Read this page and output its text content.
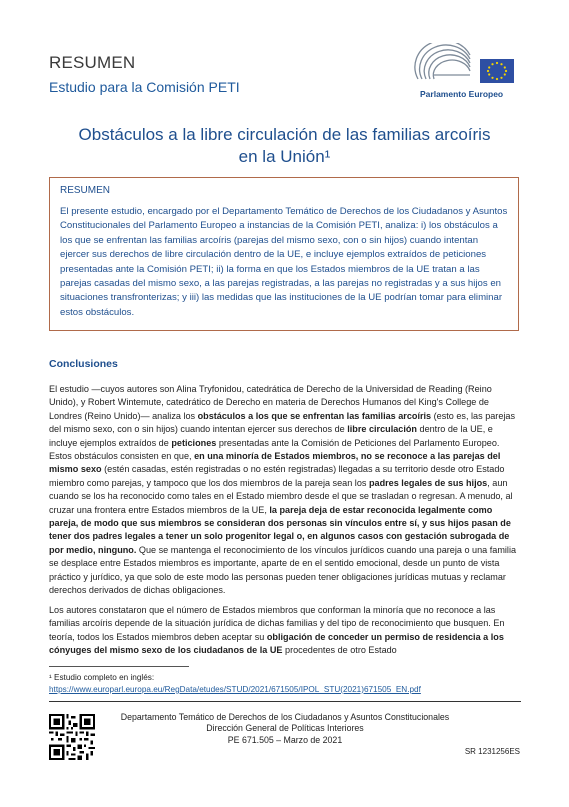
RESUMEN
Estudio para la Comisión PETI	Parlamento Europeo
Obstáculos a la libre circulación de las familias arcoíris
en la Unión¹
RESUMEN
El presente estudio, encargado por el Departamento Temático de Derechos de los Ciudadanos y Asuntos Constitucionales del Parlamento Europeo a instancias de la Comisión PETI, analiza: i) los obstáculos a los que se enfrentan las familias arcoíris (parejas del mismo sexo, con o sin hijos) cuando intentan ejercer sus derechos de libre circulación dentro de la UE, e incluye ejemplos extraídos de peticiones presentadas ante la Comisión PETI; ii) la forma en que los Estados miembros de la UE tratan a las parejas casadas del mismo sexo, a las parejas registradas, a las parejas no registradas y a sus hijos en situaciones transfronterizas; y iii) las medidas que las instituciones de la UE podrían tomar para eliminar estos obstáculos.
Conclusiones
El estudio —cuyos autores son Alina Tryfonidou, catedrática de Derecho de la Universidad de Reading (Reino Unido), y Robert Wintemute, catedrático de Derecho en materia de Derechos Humanos del King's College de Londres (Reino Unido)— analiza los obstáculos a los que se enfrentan las familias arcoíris (esto es, las parejas del mismo sexo, con o sin hijos) cuando intentan ejercer sus derechos de libre circulación dentro de la UE, e incluye ejemplos extraídos de peticiones presentadas ante la Comisión de Peticiones del Parlamento Europeo. Estos obstáculos consisten en que, en una minoría de Estados miembros, no se reconoce a las parejas del mismo sexo (estén casadas, estén registradas o no estén registradas) llegadas a su territorio desde otro Estado miembro como parejas, y tampoco que los dos miembros de la pareja sean los padres legales de sus hijos, aun cuando se los ha reconocido como tales en el Estado miembro desde el que se trasladan o regresan. A menudo, al cruzar una frontera entre Estados miembros de la UE, la pareja deja de estar reconocida legalmente como pareja, de modo que sus miembros se consideran dos personas sin vínculos entre sí, y sus hijos pasan de tener dos padres legales a tener un solo progenitor legal o, en algunos casos con gestación subrogada de por medio, ninguno. Que se mantenga el reconocimiento de los vínculos jurídicos cuando una pareja o una familia se desplace entre Estados miembros es importante, aparte de en el sentido emocional, desde un punto de vista práctico y jurídico, ya que solo de este modo las personas pueden tener obligaciones jurídicas mutuas y reclamar derechos derivados de dichas obligaciones.
Los autores constataron que el número de Estados miembros que conforman la minoría que no reconoce a las familias arcoíris depende de la situación jurídica de dichas familias y del tipo de reconocimiento que busquen. En teoría, todos los Estados miembros deben aceptar su obligación de conceder un permiso de residencia a los cónyuges del mismo sexo de los ciudadanos de la UE procedentes de otro Estado
¹ Estudio completo en inglés:
https://www.europarl.europa.eu/RegData/etudes/STUD/2021/671505/IPOL_STU(2021)671505_EN.pdf
Departamento Temático de Derechos de los Ciudadanos y Asuntos Constitucionales
Dirección General de Políticas Interiores
PE 671.505 – Marzo de 2021
SR 1231256ES
